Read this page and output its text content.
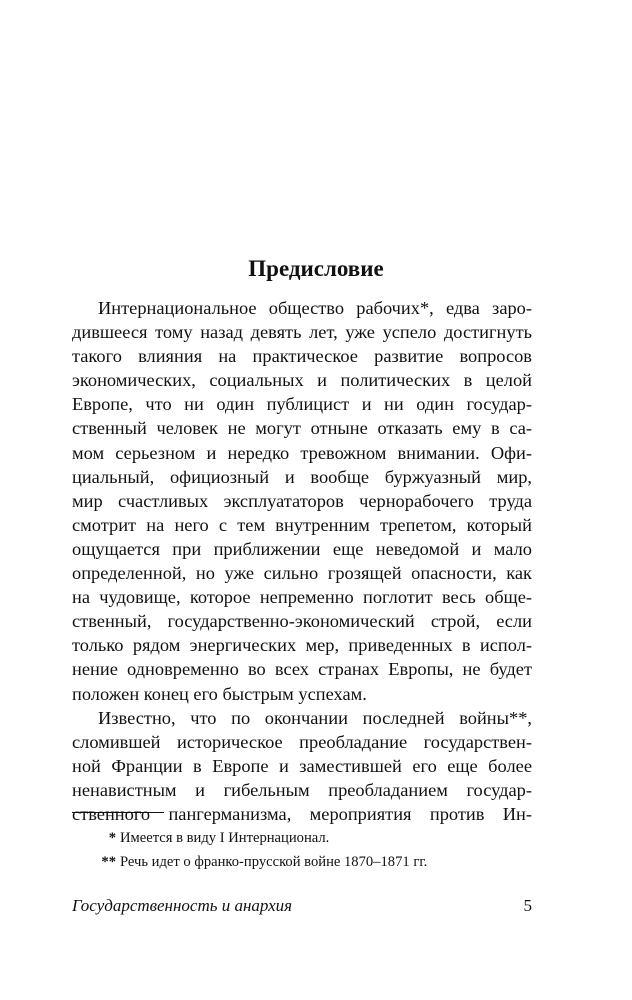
Предисловие
Интернациональное общество рабочих*, едва заро-
дившееся тому назад девять лет, уже успело достигнуть
такого влияния на практическое развитие вопросов
экономических, социальных и политических в целой
Европе, что ни один публицист и ни один государ-
ственный человек не могут отныне отказать ему в са-
мом серьезном и нередко тревожном внимании. Офи-
циальный, официозный и вообще буржуазный мир,
мир счастливых эксплуататоров чернорабочего труда
смотрит на него с тем внутренним трепетом, который
ощущается при приближении еще неведомой и мало
определенной, но уже сильно грозящей опасности, как
на чудовище, которое непременно поглотит весь обще-
ственный, государственно-экономический строй, если
только рядом энергических мер, приведенных в испол-
нение одновременно во всех странах Европы, не будет
положен конец его быстрым успехам.
Известно, что по окончании последней войны**,
сломившей историческое преобладание государствен-
ной Франции в Европе и заместившей его еще более
ненавистным и гибельным преобладанием государ-
ственного пангерманизма, мероприятия против Ин-
* Имеется в виду I Интернационал.
** Речь идет о франко-прусской войне 1870–1871 гг.
Государственность и анархия	5
